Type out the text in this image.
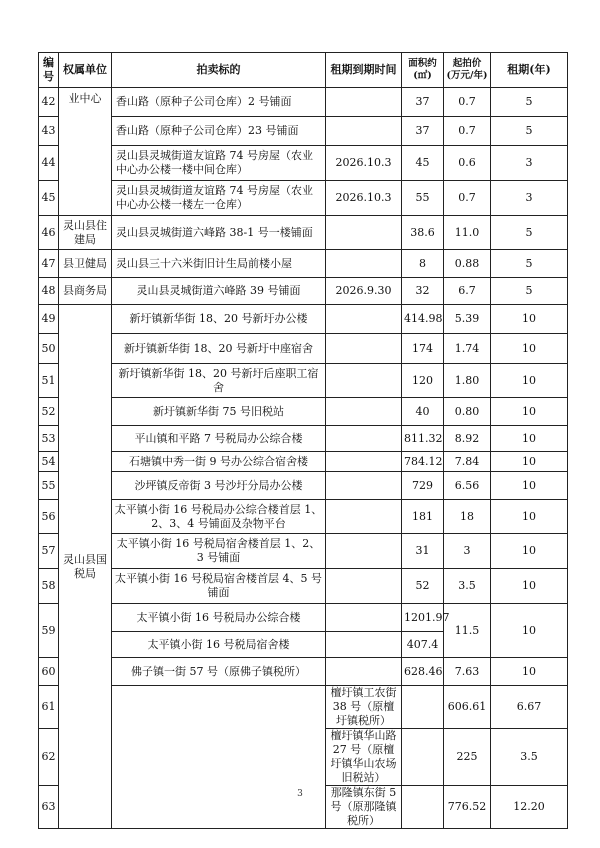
编号	权属单位	拍卖标的	租期到期时间	面积约(㎡)	起拍价(万元/年)	租期(年)	
42	业中心	香山路（原种子公司仓库）2 号铺面		37	0.7	5	
43		香山路（原种子公司仓库）23 号铺面		37	0.7	5	
44		灵山县灵城街道友谊路 74 号房屋（农业中心办公楼一楼中间仓库）	2026.10.3	45	0.6	3	
45		灵山县灵城街道友谊路 74 号房屋（农业中心办公楼一楼左一仓库）	2026.10.3	55	0.7	3	
46	灵山县住建局	灵山县灵城街道六峰路 38-1 号一楼铺面		38.6	11.0	5	
47	县卫健局	灵山县三十六米街旧计生局前楼小屋		8	0.88	5	
48	县商务局	灵山县灵城街道六峰路 39 号铺面	2026.9.30	32	6.7	5	
49	灵山县国税局	新圩镇新华街 18、20 号新圩办公楼		414.98	5.39	10	
50		新圩镇新华街 18、20 号新圩中座宿舍		174	1.74	10	
51		新圩镇新华街 18、20 号新圩后座职工宿舍		120	1.80	10	
52		新圩镇新华街 75 号旧税站		40	0.80	10	
53		平山镇和平路 7 号税局办公综合楼		811.32	8.92	10	
54		石塘镇中秀一街 9 号办公综合宿舍楼		784.12	7.84	10	
55		沙坪镇反帝街 3 号沙圩分局办公楼		729	6.56	10	
56		太平镇小街 16 号税局办公综合楼首层 1、2、3、4 号铺面及杂物平台		181	18	10	
57		太平镇小街 16 号税局宿舍楼首层 1、2、3 号铺面		31	3	10	
58		太平镇小街 16 号税局宿舍楼首层 4、5 号铺面		52	3.5	10	
59		太平镇小街 16 号税局办公综合楼		1201.97	11.5	10	
		太平镇小街 16 号税局宿舍楼		407.4			
60		佛子镇一街 57 号（原佛子镇税所）		628.46	7.63	10	
61			檀圩镇工农街 38 号（原檀圩镇税所）		606.61	6.67	
62			檀圩镇华山路 27 号（原檀圩镇华山农场旧税站）		225	3.5	
63			那隆镇东街 5 号（原那隆镇税所）		776.52	12.20	
3
